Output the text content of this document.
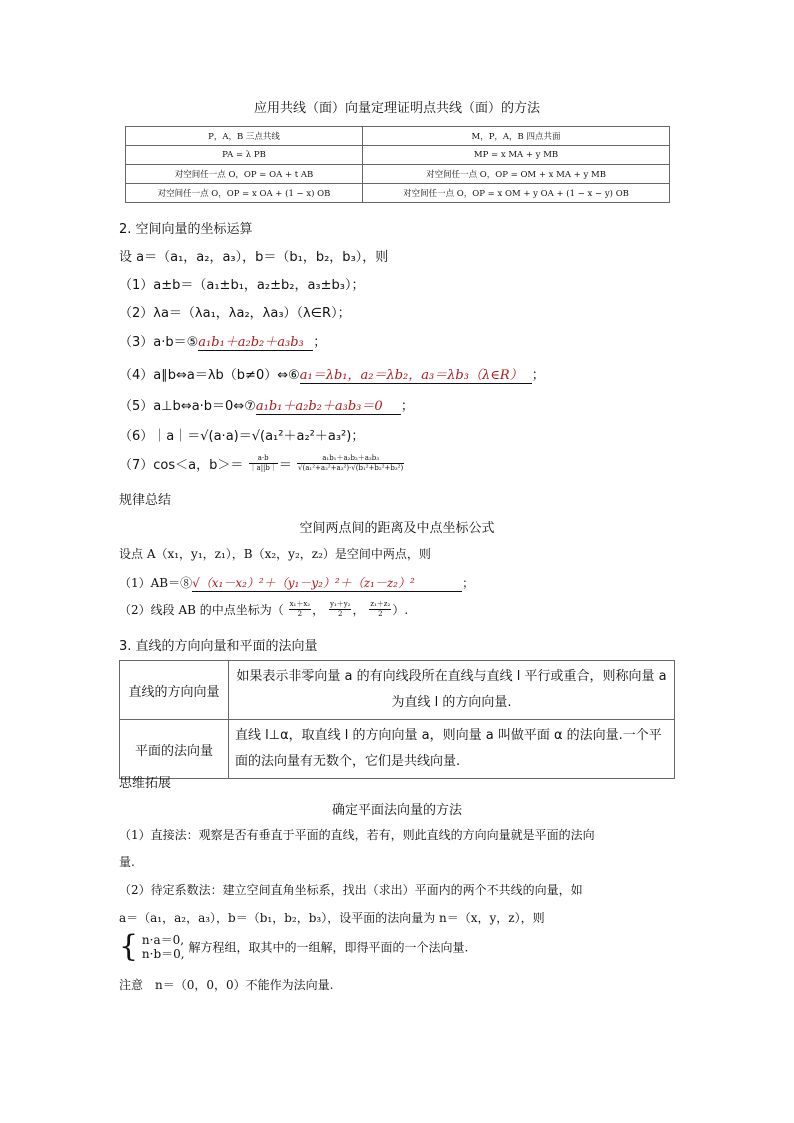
应用共线（面）向量定理证明点共线（面）的方法
P，A，B 三点共线	M，P，A，B 四点共面
PA = λ PB	MP = x MA + y MB
对空间任一点 O，OP = OA + t AB	对空间任一点 O，OP = OM + x MA + y MB
对空间任一点 O，OP = x OA + (1 − x) OB	对空间任一点 O，OP = x OM + y OA + (1 − x − y) OB
2. 空间向量的坐标运算
设 a＝（a₁，a₂，a₃），b＝（b₁，b₂，b₃），则
（1）a±b＝（a₁±b₁，a₂±b₂，a₃±b₃）；
（2）λa＝（λa₁，λa₂，λa₃）（λ∈R）；
（3）a·b＝⑤a₁b₁＋a₂b₂＋a₃b₃ ；
（4）a∥b⇔a＝λb（b≠0）⇔⑥a₁＝λb₁，a₂＝λb₂，a₃＝λb₃（λ∈R） ；
（5）a⊥b⇔a·b＝0⇔⑦a₁b₁＋a₂b₂＋a₃b₃＝0 ；
（6）｜a｜＝√(a·a)＝√(a₁²＋a₂²＋a₃²)；
（7）cos＜a，$b>= \frac{a\cdot b}{|a||b|} = \frac{\text{a₁b₁＋a₂b₂＋a₃b₃}}{\text{√(a₁²+a₂²+a₃²)·√(b₁²+b₂²+b₃²)}}$
规律总结
空间两点间的距离及中点坐标公式
设点 A（x₁，y₁，z₁），B（x₂，y₂，z₂）是空间中两点，则
（1）AB＝⑧√（x₁－x₂）²＋（y₁－y₂）²＋（z₁－z₂）²	；
（2）线段 AB 的中点坐标为（ $\frac{\text{x₁＋x₂}}{2}$ ， $\frac{\text{y₁＋y₂}}{2}$ ， $\frac{\text{z₁＋z₂}}{2}$ ）.
3. 直线的方向向量和平面的法向量
直线的方向向量	如果表示非零向量 a 的有向线段所在直线与直线 l 平行或重合，则称向量 a 为直线 l 的方向向量.
平面的法向量	直线 l⊥α，取直线 l 的方向向量 a，则向量 a 叫做平面 α 的法向量.一个平面的法向量有无数个，它们是共线向量.
思维拓展
确定平面法向量的方法
（1）直接法：观察是否有垂直于平面的直线，若有，则此直线的方向向量就是平面的法向
量.
（2）待定系数法：建立空间直角坐标系，找出（求出）平面内的两个不共线的向量，如
a＝（a₁，a₂，a₃），b＝（b₁，b₂，b₃），设平面的法向量为 n＝（x，y，z），则
{ n·a＝0,
n·b＝0, 解方程组，取其中的一组解，即得平面的一个法向量.
注意　n＝（0，0，0）不能作为法向量.
